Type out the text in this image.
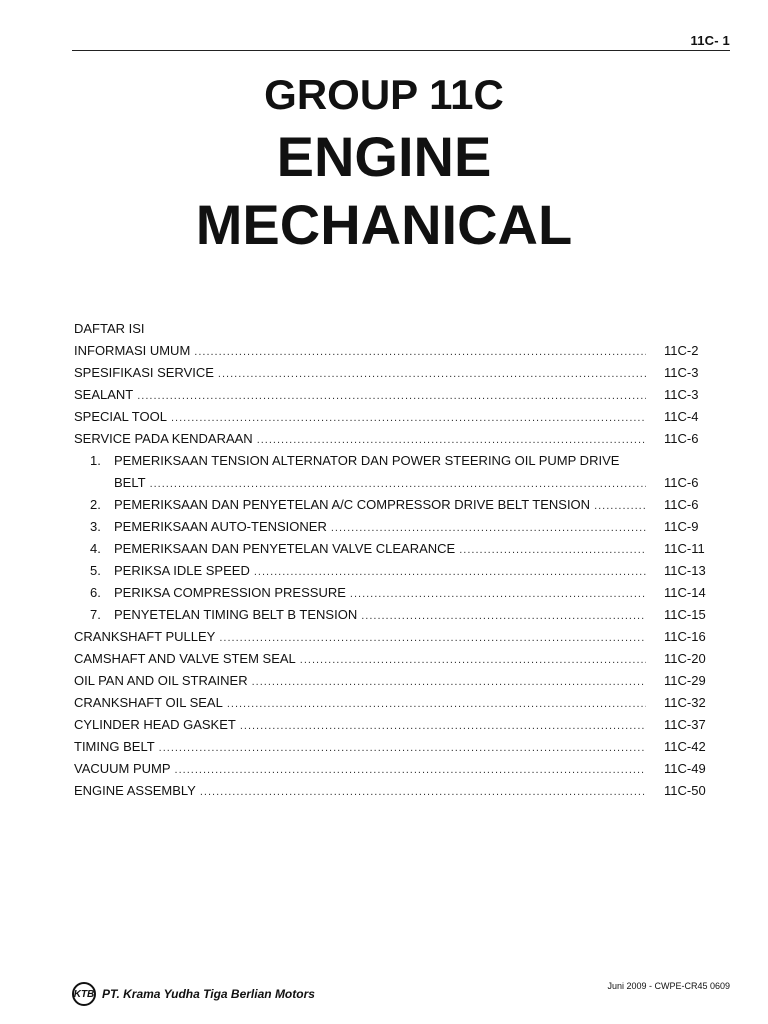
11C- 1
GROUP 11C
ENGINE
MECHANICAL
DAFTAR ISI
INFORMASI UMUM .....	11C-2
SPESIFIKASI SERVICE .....	11C-3
SEALANT .....	11C-3
SPECIAL TOOL .....	11C-4
SERVICE PADA KENDARAAN .....	11C-6
1.	PEMERIKSAAN TENSION ALTERNATOR DAN POWER STEERING OIL PUMP DRIVE
BELT .....	11C-6
2.	PEMERIKSAAN DAN PENYETELAN A/C COMPRESSOR DRIVE BELT TENSION .....	11C-6
3.	PEMERIKSAAN AUTO-TENSIONER .....	11C-9
4.	PEMERIKSAAN DAN PENYETELAN VALVE CLEARANCE .....	11C-11
5.	PERIKSA IDLE SPEED .....	11C-13
6.	PERIKSA COMPRESSION PRESSURE .....	11C-14
7.	PENYETELAN TIMING BELT B TENSION .....	11C-15
CRANKSHAFT PULLEY .....	11C-16
CAMSHAFT AND VALVE STEM SEAL .....	11C-20
OIL PAN AND OIL STRAINER .....	11C-29
CRANKSHAFT OIL SEAL .....	11C-32
CYLINDER HEAD GASKET .....	11C-37
TIMING BELT .....	11C-42
VACUUM PUMP .....	11C-49
ENGINE ASSEMBLY .....	11C-50
KTB PT. Krama Yudha Tiga Berlian Motors
Juni 2009 - CWPE-CR45 0609
